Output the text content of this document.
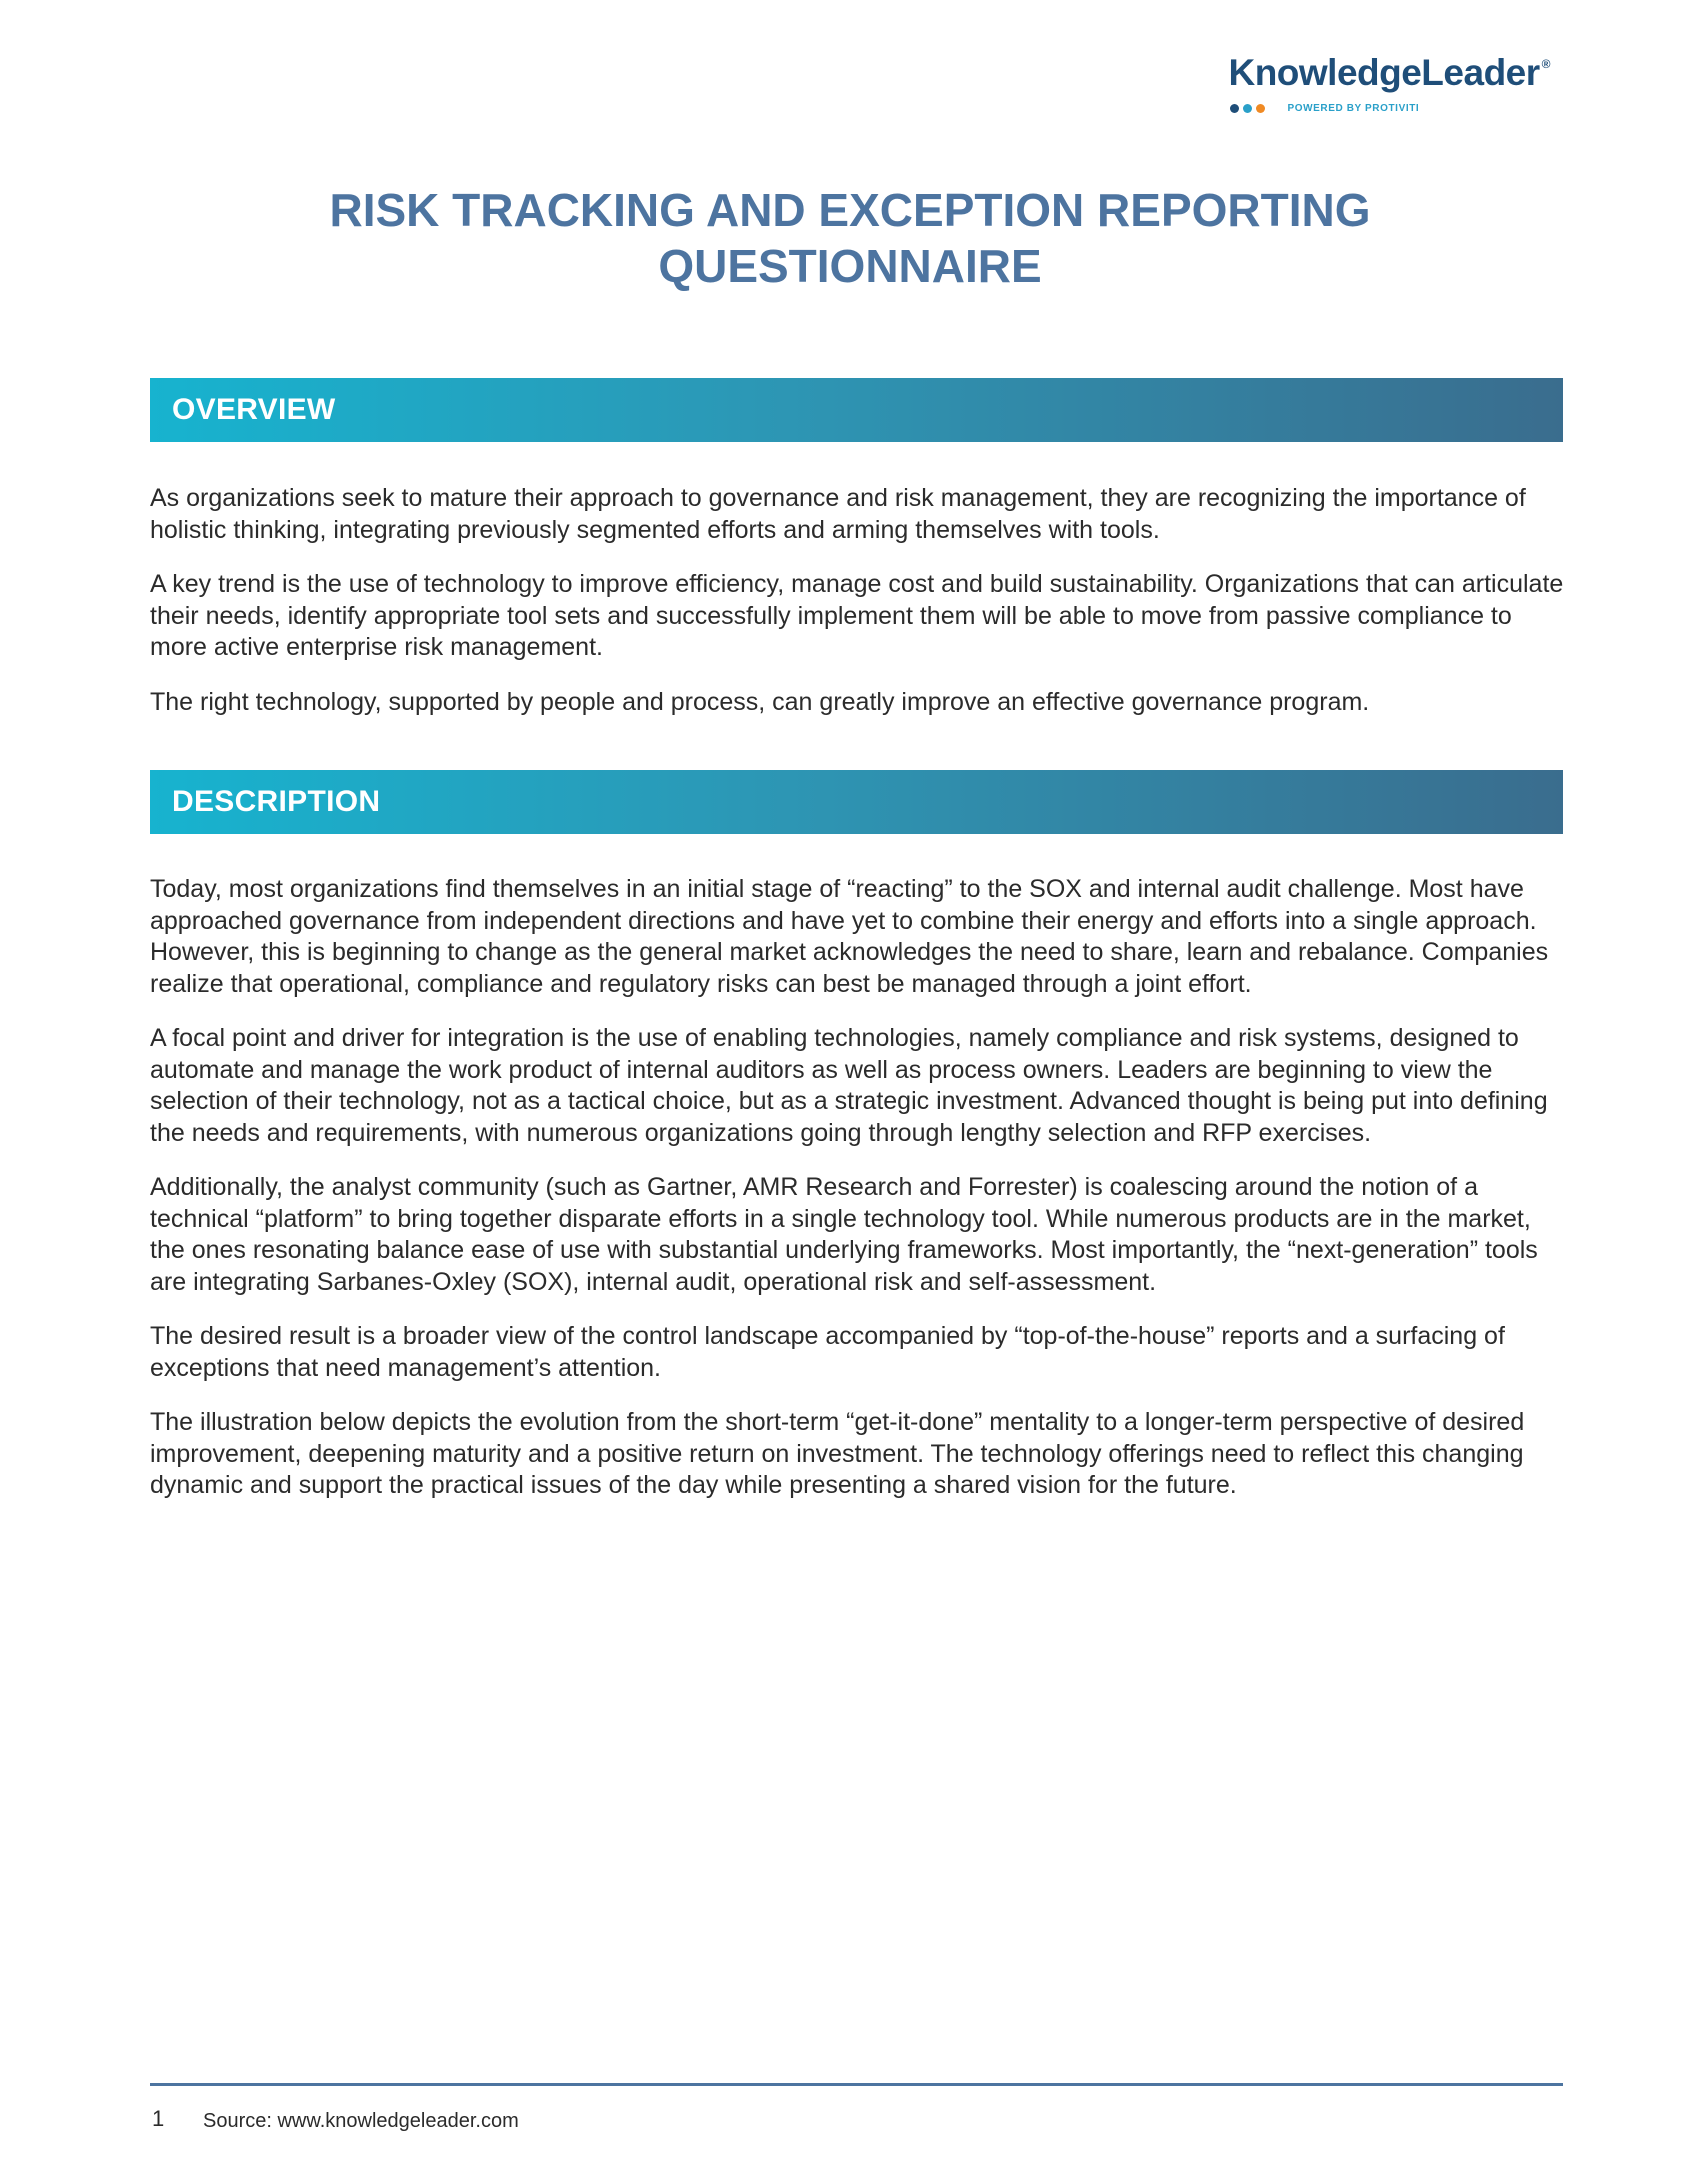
KnowledgeLeader ®
POWERED BY PROTIVITI
RISK TRACKING AND EXCEPTION REPORTING
QUESTIONNAIRE
OVERVIEW

As organizations seek to mature their approach to governance and risk management, they are recognizing the importance of holistic thinking, integrating previously segmented efforts and arming themselves with tools.

A key trend is the use of technology to improve efficiency, manage cost and build sustainability. Organizations that can articulate their needs, identify appropriate tool sets and successfully implement them will be able to move from passive compliance to more active enterprise risk management.

The right technology, supported by people and process, can greatly improve an effective governance program.

DESCRIPTION

Today, most organizations find themselves in an initial stage of “reacting” to the SOX and internal audit challenge. Most have approached governance from independent directions and have yet to combine their energy and efforts into a single approach. However, this is beginning to change as the general market acknowledges the need to share, learn and rebalance. Companies realize that operational, compliance and regulatory risks can best be managed through a joint effort.

A focal point and driver for integration is the use of enabling technologies, namely compliance and risk systems, designed to automate and manage the work product of internal auditors as well as process owners. Leaders are beginning to view the selection of their technology, not as a tactical choice, but as a strategic investment. Advanced thought is being put into defining the needs and requirements, with numerous organizations going through lengthy selection and RFP exercises.

Additionally, the analyst community (such as Gartner, AMR Research and Forrester) is coalescing around the notion of a technical “platform” to bring together disparate efforts in a single technology tool. While numerous products are in the market, the ones resonating balance ease of use with substantial underlying frameworks. Most importantly, the “next-generation” tools are integrating Sarbanes-Oxley (SOX), internal audit, operational risk and self-assessment.

The desired result is a broader view of the control landscape accompanied by “top-of-the-house” reports and a surfacing of exceptions that need management’s attention.

The illustration below depicts the evolution from the short-term “get-it-done” mentality to a longer-term perspective of desired improvement, deepening maturity and a positive return on investment. The technology offerings need to reflect this changing dynamic and support the practical issues of the day while presenting a shared vision for the future.

1 Source: www.knowledgeleader.com
